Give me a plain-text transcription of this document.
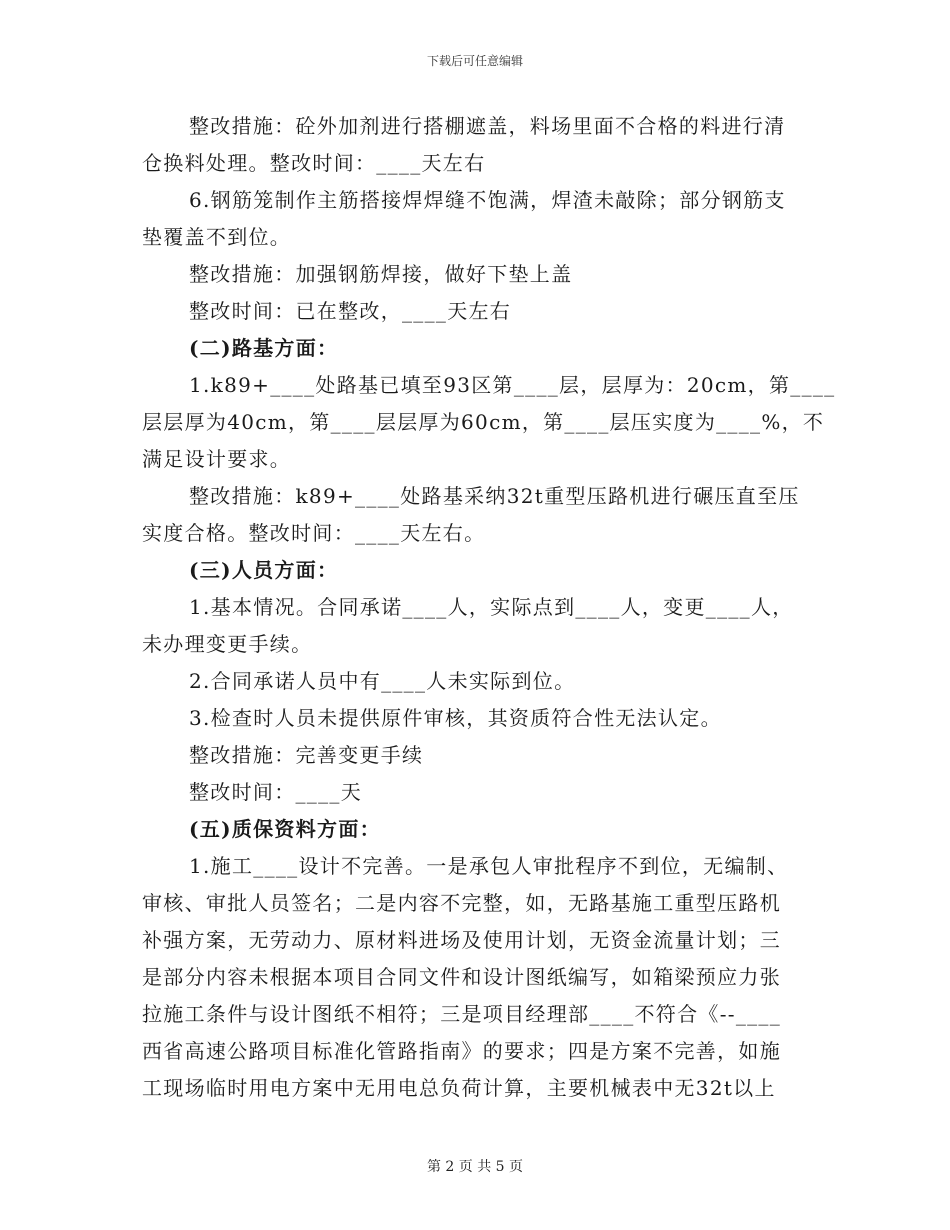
下载后可任意编辑
整改措施：砼外加剂进行搭棚遮盖，料场里面不合格的料进行清
仓换料处理。整改时间：____天左右
6.钢筋笼制作主筋搭接焊焊缝不饱满，焊渣未敲除；部分钢筋支
垫覆盖不到位。
整改措施：加强钢筋焊接，做好下垫上盖
整改时间：已在整改，____天左右
(二)路基方面：
1.k89+____处路基已填至93区第____层，层厚为：20cm，第____
层层厚为40cm，第____层层厚为60cm，第____层压实度为____%，不
满足设计要求。
整改措施：k89+____处路基采纳32t重型压路机进行碾压直至压
实度合格。整改时间：____天左右。
(三)人员方面：
1.基本情况。合同承诺____人，实际点到____人，变更____人，
未办理变更手续。
2.合同承诺人员中有____人未实际到位。
3.检查时人员未提供原件审核，其资质符合性无法认定。
整改措施：完善变更手续
整改时间：____天
(五)质保资料方面：
1.施工____设计不完善。一是承包人审批程序不到位，无编制、
审核、审批人员签名；二是内容不完整，如，无路基施工重型压路机
补强方案，无劳动力、原材料进场及使用计划，无资金流量计划；三
是部分内容未根据本项目合同文件和设计图纸编写，如箱梁预应力张
拉施工条件与设计图纸不相符；三是项目经理部____不符合《--____
西省高速公路项目标准化管路指南》的要求；四是方案不完善，如施
工现场临时用电方案中无用电总负荷计算，主要机械表中无32t以上
第 2 页 共 5 页
